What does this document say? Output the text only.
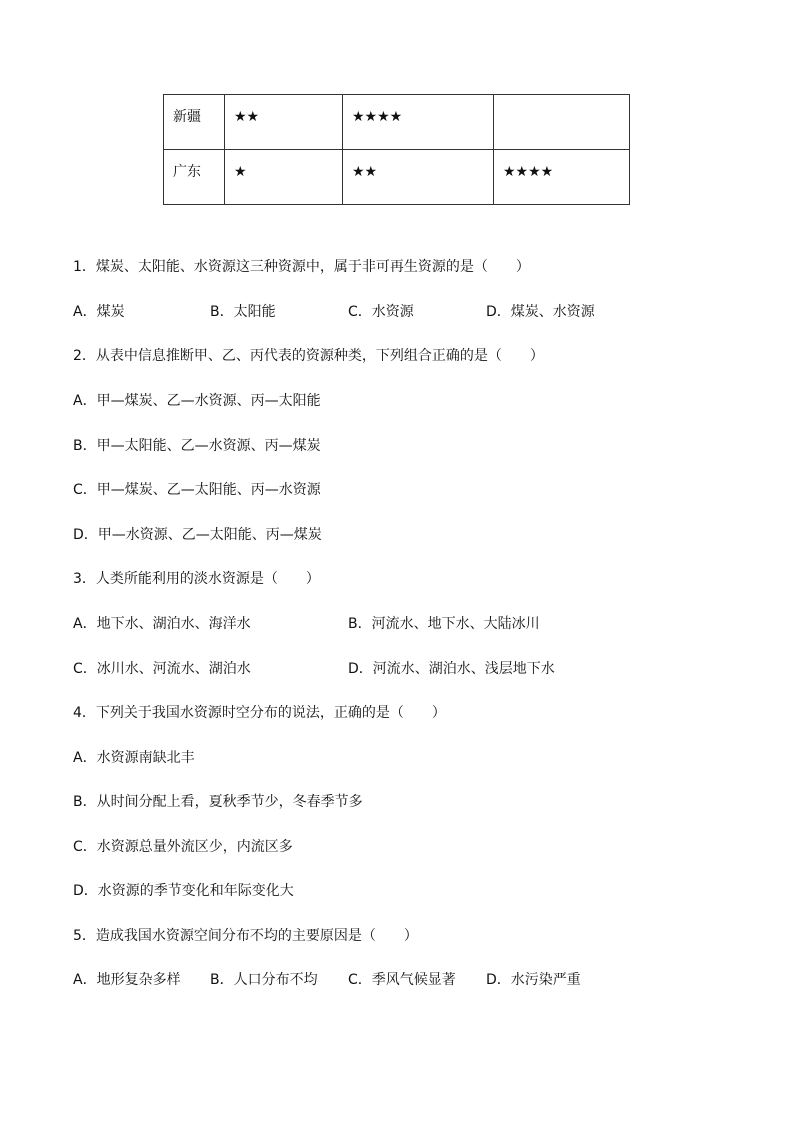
新疆	★★	★★★★	
广东	★	★★	★★★★
1．煤炭、太阳能、水资源这三种资源中，属于非可再生资源的是（　　）
A．煤炭	B．太阳能	C．水资源	D．煤炭、水资源
2．从表中信息推断甲、乙、丙代表的资源种类，下列组合正确的是（　　）
A．甲—煤炭、乙—水资源、丙—太阳能
B．甲—太阳能、乙—水资源、丙—煤炭
C．甲—煤炭、乙—太阳能、丙—水资源
D．甲—水资源、乙—太阳能、丙—煤炭
3．人类所能利用的淡水资源是（　　）
A．地下水、湖泊水、海洋水	B．河流水、地下水、大陆冰川
C．冰川水、河流水、湖泊水	D．河流水、湖泊水、浅层地下水
4．下列关于我国水资源时空分布的说法，正确的是（　　）
A．水资源南缺北丰
B．从时间分配上看，夏秋季节少，冬春季节多
C．水资源总量外流区少，内流区多
D．水资源的季节变化和年际变化大
5．造成我国水资源空间分布不均的主要原因是（　　）
A．地形复杂多样 B．人口分布不均 C．季风气候显著 D．水污染严重
